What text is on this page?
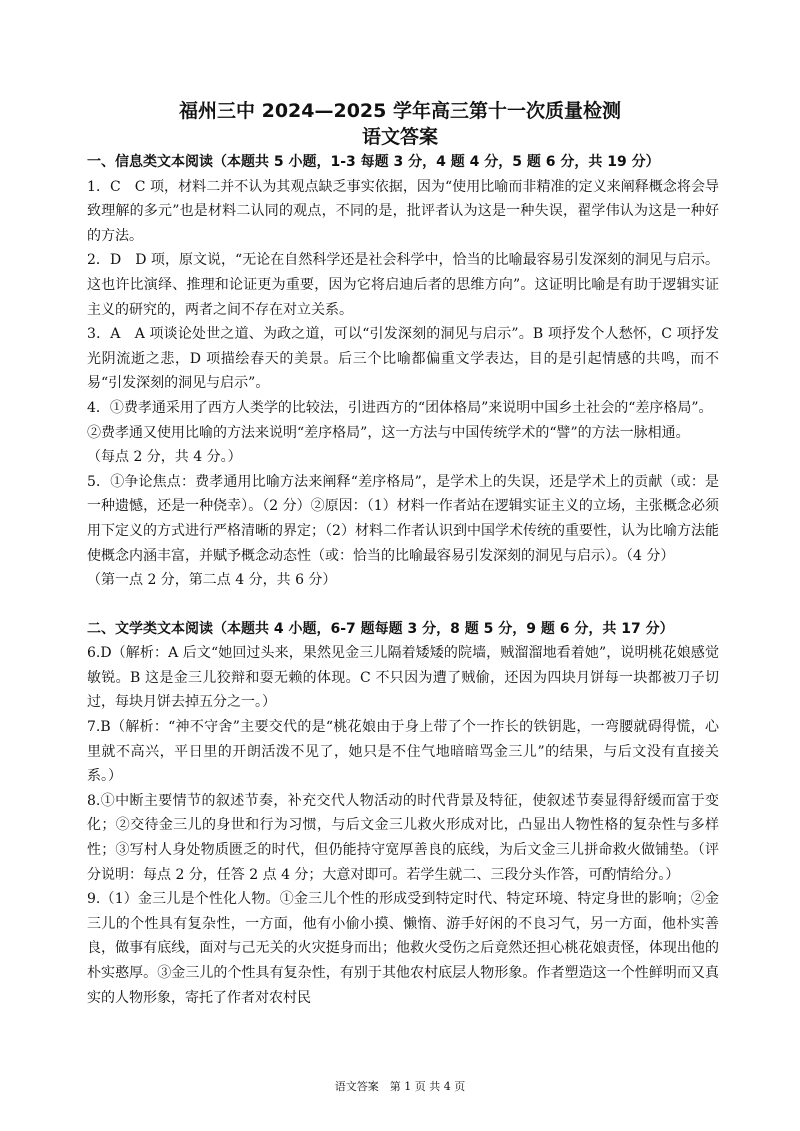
福州三中 2024—2025 学年高三第十一次质量检测
语文答案

一、信息类文本阅读（本题共 5 小题，1-3 每题 3 分，4 题 4 分，5 题 6 分，共 19 分）

1．C　C 项，材料二并不认为其观点缺乏事实依据，因为“使用比喻而非精准的定义来阐释概念将会导致理解的多元”也是材料二认同的观点，不同的是，批评者认为这是一种失误，翟学伟认为这是一种好的方法。

2．D　D 项，原文说，“无论在自然科学还是社会科学中，恰当的比喻最容易引发深刻的洞见与启示。这也许比演绎、推理和论证更为重要，因为它将启迪后者的思维方向”。这证明比喻是有助于逻辑实证主义的研究的，两者之间不存在对立关系。

3．A　A 项谈论处世之道、为政之道，可以“引发深刻的洞见与启示”。B 项抒发个人愁怀，C 项抒发光阴流逝之悲，D 项描绘春天的美景。后三个比喻都偏重文学表达，目的是引起情感的共鸣，而不易“引发深刻的洞见与启示”。

4．①费孝通采用了西方人类学的比较法，引进西方的“团体格局”来说明中国乡土社会的“差序格局”。

②费孝通又使用比喻的方法来说明“差序格局”，这一方法与中国传统学术的“譬”的方法一脉相通。

（每点 2 分，共 4 分。）

5．①争论焦点：费孝通用比喻方法来阐释“差序格局”，是学术上的失误，还是学术上的贡献（或：是一种遗憾，还是一种侥幸）。（2 分）②原因：（1）材料一作者站在逻辑实证主义的立场，主张概念必须用下定义的方式进行严格清晰的界定；（2）材料二作者认识到中国学术传统的重要性，认为比喻方法能使概念内涵丰富，并赋予概念动态性（或：恰当的比喻最容易引发深刻的洞见与启示）。（4 分）

（第一点 2 分，第二点 4 分，共 6 分）

二、文学类文本阅读（本题共 4 小题，6-7 题每题 3 分，8 题 5 分，9 题 6 分，共 17 分）

6.D（解析：A 后文“她回过头来，果然见金三儿隔着矮矮的院墙，贼溜溜地看着她”，说明桃花娘感觉敏锐。B 这是金三儿狡辩和耍无赖的体现。C 不只因为遭了贼偷，还因为四块月饼每一块都被刀子切过，每块月饼去掉五分之一。）

7.B（解析：“神不守舍”主要交代的是“桃花娘由于身上带了个一拃长的铁钥匙，一弯腰就碍得慌，心里就不高兴，平日里的开朗活泼不见了，她只是不住气地暗暗骂金三儿”的结果，与后文没有直接关系。）

8.①中断主要情节的叙述节奏，补充交代人物活动的时代背景及特征，使叙述节奏显得舒缓而富于变化；②交待金三儿的身世和行为习惯，与后文金三儿救火形成对比，凸显出人物性格的复杂性与多样性；③写村人身处物质匮乏的时代，但仍能持守宽厚善良的底线，为后文金三儿拼命救火做铺垫。（评分说明：每点 2 分，任答 2 点 4 分；大意对即可。若学生就二、三段分头作答，可酌情给分。）

9.（1）金三儿是个性化人物。①金三儿个性的形成受到特定时代、特定环境、特定身世的影响；②金三儿的个性具有复杂性，一方面，他有小偷小摸、懒惰、游手好闲的不良习气，另一方面，他朴实善良，做事有底线，面对与己无关的火灾挺身而出；他救火受伤之后竟然还担心桃花娘责怪，体现出他的朴实憨厚。③金三儿的个性具有复杂性，有别于其他农村底层人物形象。作者塑造这一个性鲜明而又真实的人物形象，寄托了作者对农村民

语文答案　第 1 页 共 4 页
